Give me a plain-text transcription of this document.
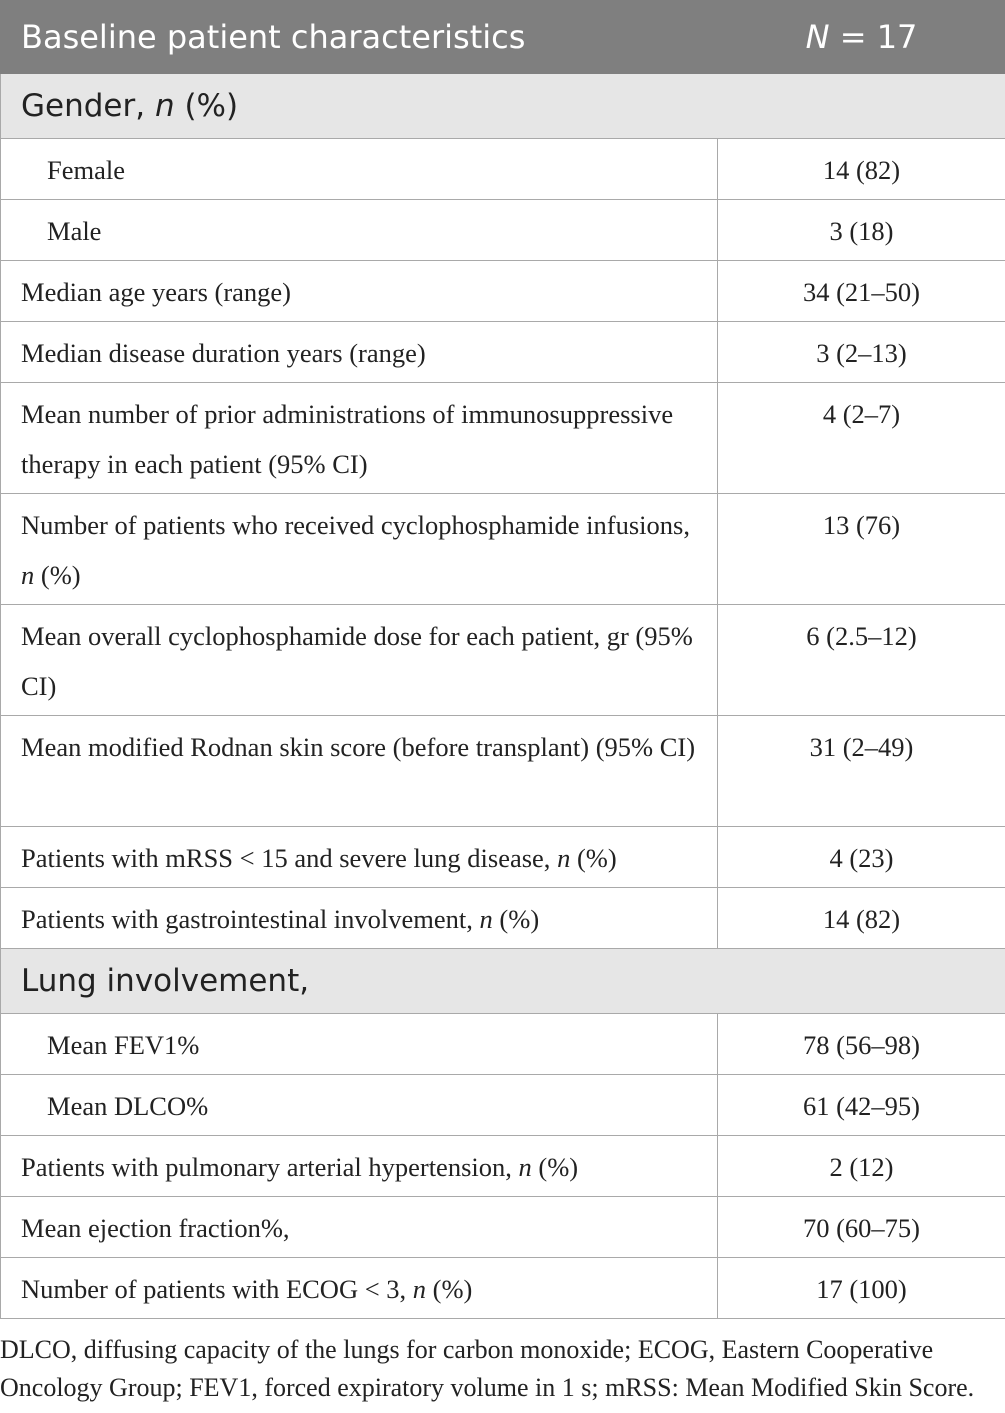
Baseline patient characteristics	N = 17
Gender, n (%)	
Female	14 (82)
Male	3 (18)
Median age years (range)	34 (21–50)
Median disease duration years (range)	3 (2–13)
Mean number of prior administrations of immunosuppressive therapy in each patient (95% CI)	4 (2–7)
Number of patients who received cyclophosphamide infusions, n (%)	13 (76)
Mean overall cyclophosphamide dose for each patient, gr (95% CI)	6 (2.5–12)
Mean modified Rodnan skin score (before transplant) (95% CI)	31 (2–49)
Patients with mRSS < 15 and severe lung disease, n (%)	4 (23)
Patients with gastrointestinal involvement, n (%)	14 (82)
Lung involvement,	
Mean FEV1%	78 (56–98)
Mean DLCO%	61 (42–95)
Patients with pulmonary arterial hypertension, n (%)	2 (12)
Mean ejection fraction%,	70 (60–75)
Number of patients with ECOG < 3, n (%)	17 (100)
DLCO, diffusing capacity of the lungs for carbon monoxide; ECOG, Eastern Cooperative Oncology Group; FEV1, forced expiratory volume in 1 s; mRSS: Mean Modified Skin Score.
